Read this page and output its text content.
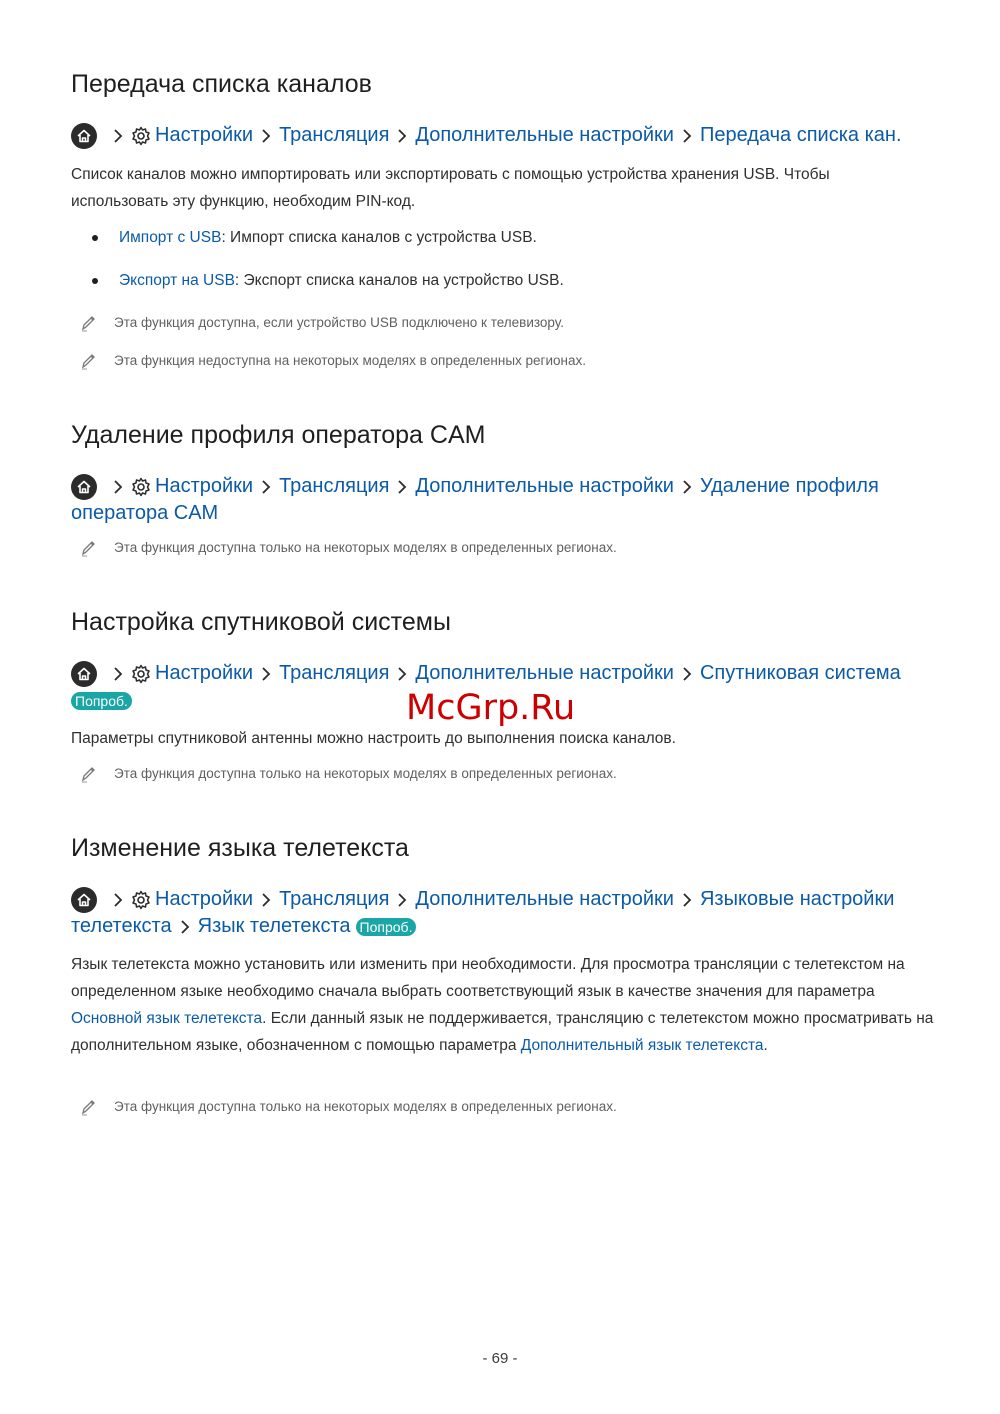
Передача списка каналов
Настройки Трансляция Дополнительные настройки Передача списка кан.

Список каналов можно импортировать или экспортировать с помощью устройства хранения USB. Чтобы использовать эту функцию, необходим PIN-код.

Импорт с USB: Импорт списка каналов с устройства USB.
Экспорт на USB: Экспорт списка каналов на устройство USB.
Эта функция доступна, если устройство USB подключено к телевизору.
Эта функция недоступна на некоторых моделях в определенных регионах.
Удаление профиля оператора CAM
Настройки Трансляция Дополнительные настройки Удаление профиля
оператора CAM
Эта функция доступна только на некоторых моделях в определенных регионах.
Настройка спутниковой системы
Настройки Трансляция Дополнительные настройки Спутниковая система
Попроб.

Параметры спутниковой антенны можно настроить до выполнения поиска каналов.

Эта функция доступна только на некоторых моделях в определенных регионах.
Изменение языка телетекста
Настройки Трансляция Дополнительные настройки Языковые настройки
телетекста Язык телетекста Попроб.

Язык телетекста можно установить или изменить при необходимости. Для просмотра трансляции с телетекстом на определенном языке необходимо сначала выбрать соответствующий язык в качестве значения для параметра Основной язык телетекста. Если данный язык не поддерживается, трансляцию с телетекстом можно просматривать на дополнительном языке, обозначенном с помощью параметра Дополнительный язык телетекста.

Эта функция доступна только на некоторых моделях в определенных регионах.
McGrp.Ru
- 69 -
